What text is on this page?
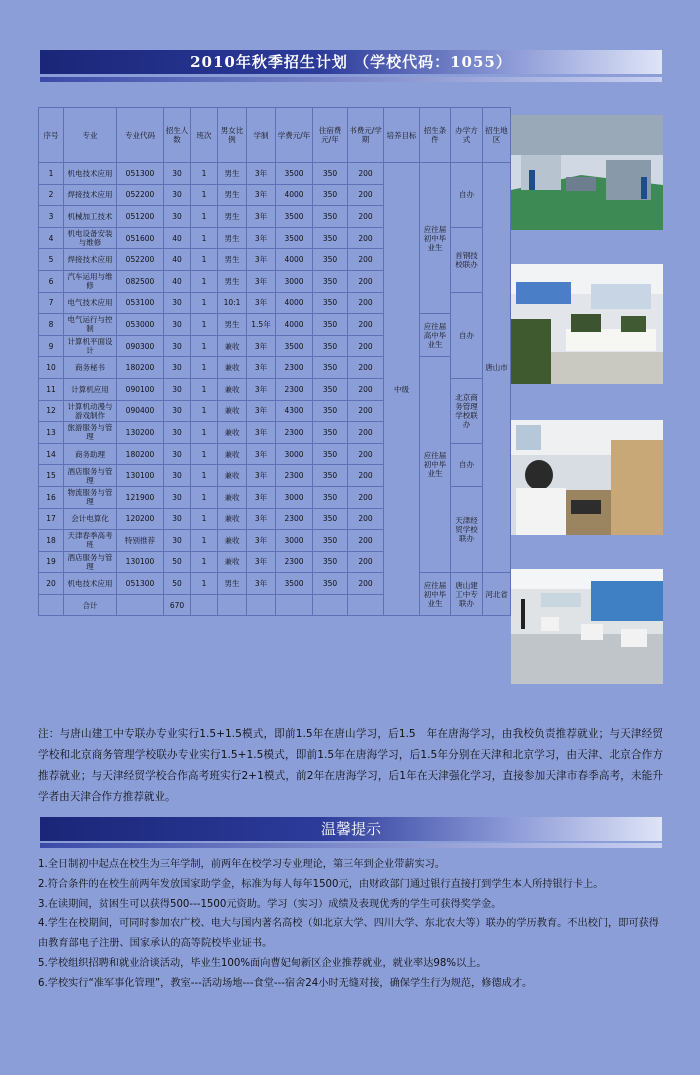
2010年秋季招生计划 （学校代码：1055）
序号	专业	专业代码	招生人数	班次	男女比例	学制	学费元/年	住宿费元/年	书费元/学期	培养目标	招生条件	办学方式	招生地区	
1	机电技术应用	051300	30	1	男生	3年	3500	350	200	中级	应往届初中毕业生	自办	唐山市	
2	焊接技术应用	052200	30	1	男生	3年	4000	350	200					
3	机械加工技术	051200	30	1	男生	3年	3500	350	200					
4	机电设备安装与维修	051600	40	1	男生	3年	3500	350	200			首钢技校联办		
5	焊接技术应用	052200	40	1	男生	3年	4000	350	200					
6	汽车运用与维修	082500	40	1	男生	3年	3000	350	200					
7	电气技术应用	053100	30	1	10:1	3年	4000	350	200			自办		
8	电气运行与控制	053000	30	1	男生	1.5年	4000	350	200		应往届高中毕业生			
9	计算机平面设计	090300	30	1	兼收	3年	3500	350	200					
10	商务秘书	180200	30	1	兼收	3年	2300	350	200		应往届初中毕业生			
11	计算机应用	090100	30	1	兼收	3年	2300	350	200			北京商务管理学校联办		
12	计算机动漫与游戏制作	090400	30	1	兼收	3年	4300	350	200					
13	旅游服务与管理	130200	30	1	兼收	3年	2300	350	200					
14	商务助理	180200	30	1	兼收	3年	3000	350	200			自办		
15	酒店服务与管理	130100	30	1	兼收	3年	2300	350	200					
16	物流服务与管理	121900	30	1	兼收	3年	3000	350	200			天津经贸学校联办		
17	会计电算化	120200	30	1	兼收	3年	2300	350	200					
18	天津春季高考班	特别推荐	30	1	兼收	3年	3000	350	200					
19	酒店服务与管理	130100	50	1	兼收	3年	2300	350	200					
20	机电技术应用	051300	50	1	男生	3年	3500	350	200		应往届初中毕业生	唐山建工中专联办	河北省	
	合计		670											
注：与唐山建工中专联办专业实行1.5+1.5模式，即前1.5年在唐山学习，后1.5　年在唐海学习，由我校负责推荐就业；与天津经贸学校和北京商务管理学校联办专业实行1.5+1.5模式，即前1.5年在唐海学习，后1.5年分别在天津和北京学习，由天津、北京合作方推荐就业；与天津经贸学校合作高考班实行2+1模式，前2年在唐海学习，后1年在天津强化学习，直接参加天津市春季高考，未能升学者由天津合作方推荐就业。
温馨提示

1.全日制初中起点在校生为三年学制，前两年在校学习专业理论，第三年到企业带薪实习。

2.符合条件的在校生前两年发放国家助学金，标准为每人每年1500元，由财政部门通过银行直接打到学生本人所持银行卡上。

3.在读期间，贫困生可以获得500---1500元资助。学习（实习）成绩及表现优秀的学生可获得奖学金。

4.学生在校期间，可同时参加农广校、电大与国内著名高校（如北京大学、四川大学、东北农大等）联办的学历教育。不出校门，即可获得由教育部电子注册、国家承认的高等院校毕业证书。

5.学校组织招聘和就业洽谈活动，毕业生100%面向曹妃甸新区企业推荐就业，就业率达98%以上。

6.学校实行“准军事化管理”，教室---活动场地---食堂---宿舍24小时无缝对接，确保学生行为规范，修德成才。
